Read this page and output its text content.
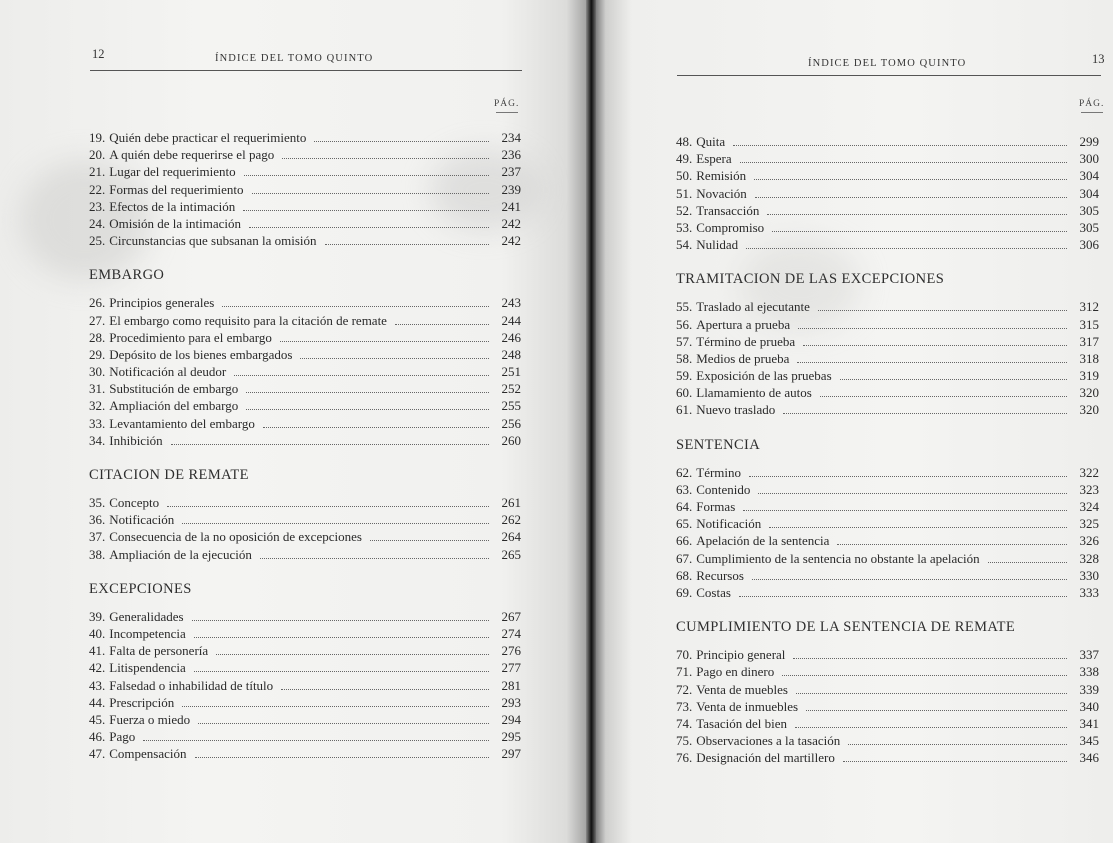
12	ÍNDICE DEL TOMO QUINTO
PÁG.
19. Quién debe practicar el requerimiento	234
20. A quién debe requerirse el pago	236
21. Lugar del requerimiento	237
22. Formas del requerimiento	239
23. Efectos de la intimación	241
24. Omisión de la intimación	242
25. Circunstancias que subsanan la omisión	242
EMBARGO
26. Principios generales	243
27. El embargo como requisito para la citación de remate	244
28. Procedimiento para el embargo	246
29. Depósito de los bienes embargados	248
30. Notificación al deudor	251
31. Substitución de embargo	252
32. Ampliación del embargo	255
33. Levantamiento del embargo	256
34. Inhibición	260
CITACION DE REMATE
35. Concepto	261
36. Notificación	262
37. Consecuencia de la no oposición de excepciones	264
38. Ampliación de la ejecución	265
EXCEPCIONES
39. Generalidades	267
40. Incompetencia	274
41. Falta de personería	276
42. Litispendencia	277
43. Falsedad o inhabilidad de título	281
44. Prescripción	293
45. Fuerza o miedo	294
46. Pago	295
47. Compensación	297
ÍNDICE DEL TOMO QUINTO	13
PÁG.
48. Quita	299
49. Espera	300
50. Remisión	304
51. Novación	304
52. Transacción	305
53. Compromiso	305
54. Nulidad	306
TRAMITACION DE LAS EXCEPCIONES
55. Traslado al ejecutante	312
56. Apertura a prueba	315
57. Término de prueba	317
58. Medios de prueba	318
59. Exposición de las pruebas	319
60. Llamamiento de autos	320
61. Nuevo traslado	320
SENTENCIA
62. Término	322
63. Contenido	323
64. Formas	324
65. Notificación	325
66. Apelación de la sentencia	326
67. Cumplimiento de la sentencia no obstante la apelación	328
68. Recursos	330
69. Costas	333
CUMPLIMIENTO DE LA SENTENCIA DE REMATE
70. Principio general	337
71. Pago en dinero	338
72. Venta de muebles	339
73. Venta de inmuebles	340
74. Tasación del bien	341
75. Observaciones a la tasación	345
76. Designación del martillero	346
